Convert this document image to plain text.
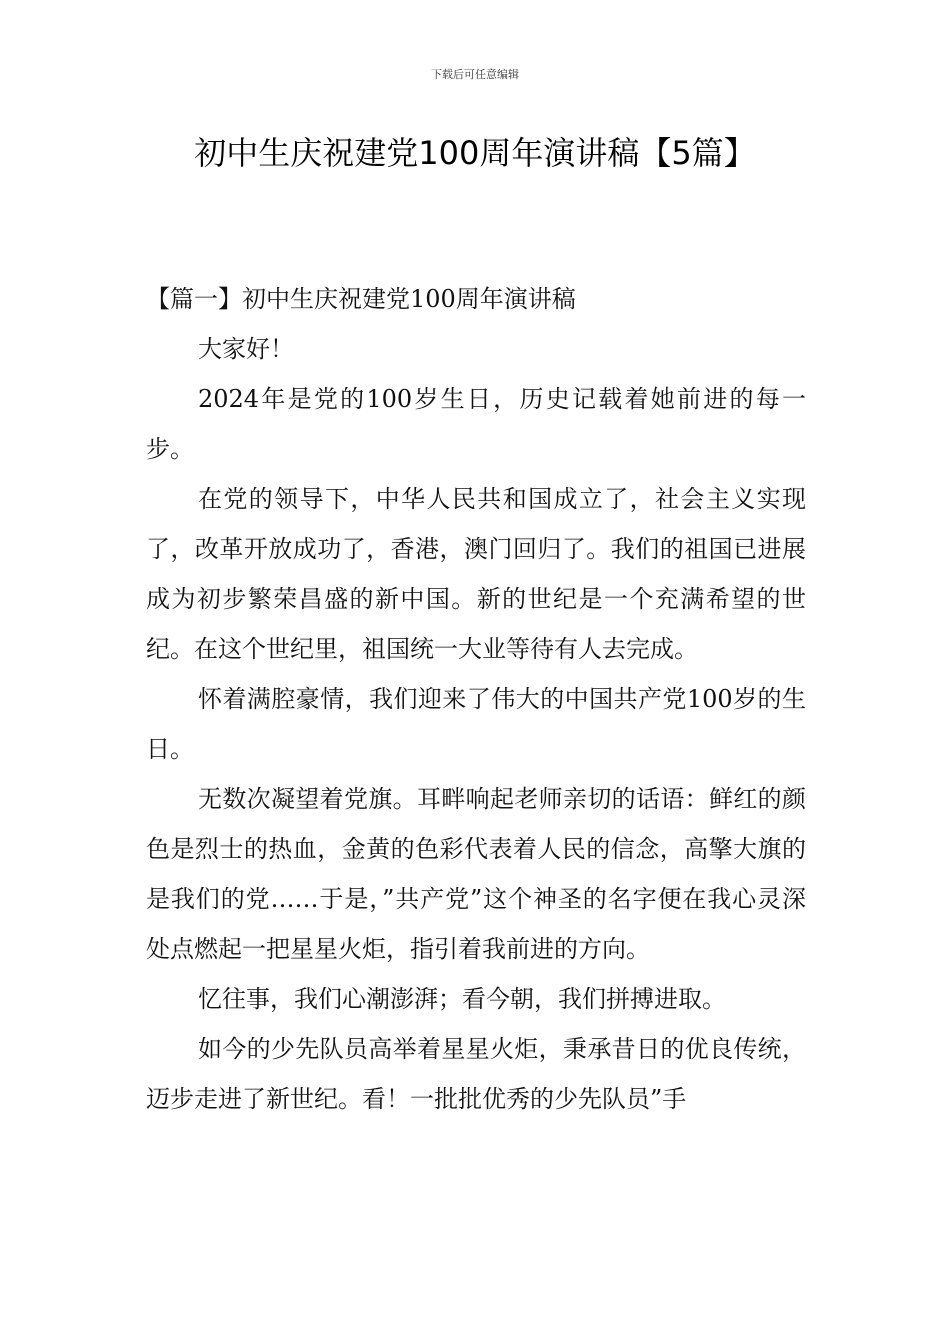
下载后可任意编辑
初中生庆祝建党100周年演讲稿【5篇】

【篇一】初中生庆祝建党100周年演讲稿

大家好！

2024年是党的100岁生日，历史记载着她前进的每一步。

在党的领导下，中华人民共和国成立了，社会主义实现了，改革开放成功了，香港，澳门回归了。我们的祖国已进展成为初步繁荣昌盛的新中国。新的世纪是一个充满希望的世纪。在这个世纪里，祖国统一大业等待有人去完成。

怀着满腔豪情，我们迎来了伟大的中国共产党100岁的生日。

无数次凝望着党旗。耳畔响起老师亲切的话语：鲜红的颜色是烈士的热血，金黄的色彩代表着人民的信念，高擎大旗的是我们的党……于是，”共产党”这个神圣的名字便在我心灵深处点燃起一把星星火炬，指引着我前进的方向。

忆往事，我们心潮澎湃；看今朝，我们拼搏进取。

如今的少先队员高举着星星火炬，秉承昔日的优良传统，迈步走进了新世纪。看！一批批优秀的少先队员”手
